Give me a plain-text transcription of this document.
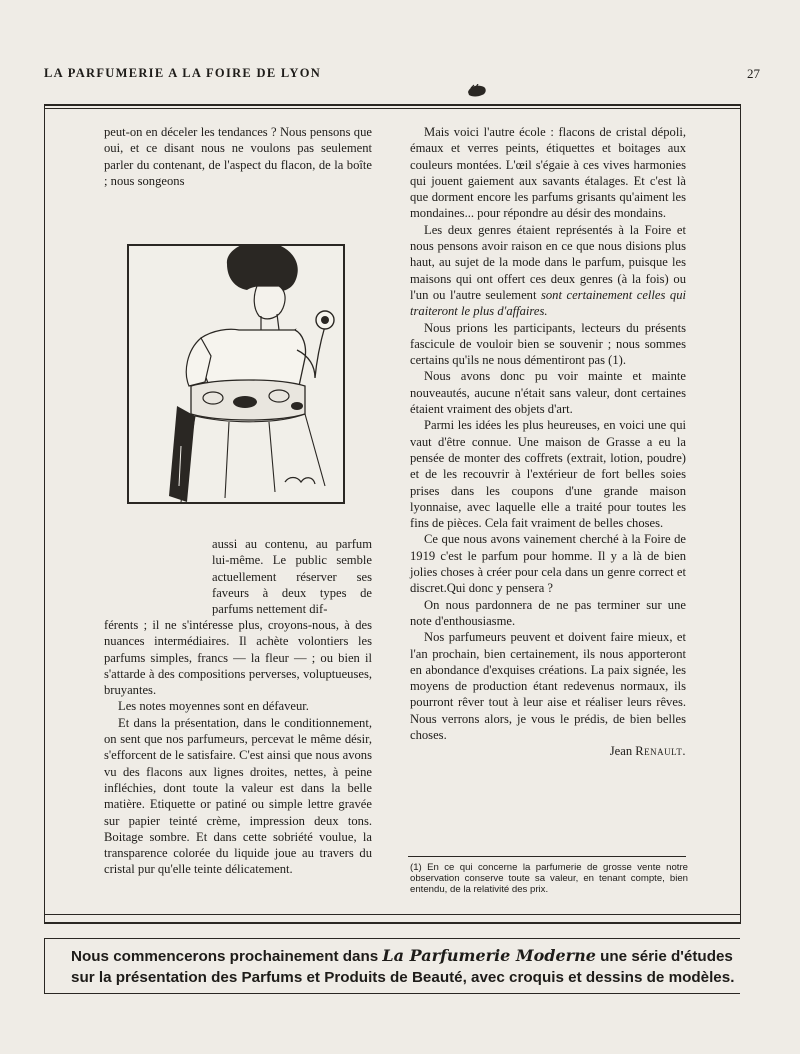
LA PARFUMERIE A LA FOIRE DE LYON	27

peut-on en déceler les tendances ? Nous pensons que oui, et ce disant nous ne voulons pas seulement parler du contenant, de l'aspect du flacon, de la boîte ; nous songeons

aussi au contenu, au parfum lui-même. Le public semble actuellement réserver ses faveurs à deux types de parfums nettement dif-

férents ; il ne s'intéresse plus, croyons-nous, à des nuances intermédiaires. Il achète volontiers les parfums simples, francs — la fleur — ; ou bien il s'attarde à des compositions perverses, voluptueuses, bruyantes.

Les notes moyennes sont en défaveur.

Et dans la présentation, dans le conditionnement, on sent que nos parfumeurs, percevat le même désir, s'efforcent de le satisfaire. C'est ainsi que nous avons vu des flacons aux lignes droites, nettes, à peine infléchies, dont toute la valeur est dans la belle matière. Etiquette or patiné ou simple lettre gravée sur papier teinté crème, impression deux tons. Boitage sombre. Et dans cette sobriété voulue, la transparence colorée du liquide joue au travers du cristal pur qu'elle teinte délicatement.

Mais voici l'autre école : flacons de cristal dépoli, émaux et verres peints, étiquettes et boitages aux couleurs montées. L'œil s'égaie à ces vives harmonies qui jouent gaiement aux savants étalages. Et c'est là que dorment encore les parfums grisants qu'aiment les mondaines... pour répondre au désir des mondains.

Les deux genres étaient représentés à la Foire et nous pensons avoir raison en ce que nous disions plus haut, au sujet de la mode dans le parfum, puisque les maisons qui ont offert ces deux genres (à la fois) ou l'un ou l'autre seulement sont certainement celles qui traiteront le plus d'affaires.

Nous prions les participants, lecteurs du présents fascicule de vouloir bien se souvenir ; nous sommes certains qu'ils ne nous démentiront pas (1).

Nous avons donc pu voir mainte et mainte nouveautés, aucune n'était sans valeur, dont certaines étaient vraiment des objets d'art.

Parmi les idées les plus heureuses, en voici une qui vaut d'être connue. Une maison de Grasse a eu la pensée de monter des coffrets (extrait, lotion, poudre) et de les recouvrir à l'extérieur de fort belles soies prises dans les coupons d'une grande maison lyonnaise, avec laquelle elle a traité pour toutes les fins de pièces. Cela fait vraiment de belles choses.

Ce que nous avons vainement cherché à la Foire de 1919 c'est le parfum pour homme. Il y a là de bien jolies choses à créer pour cela dans un genre correct et discret.Qui donc y pensera ?

On nous pardonnera de ne pas terminer sur une note d'enthousiasme.

Nos parfumeurs peuvent et doivent faire mieux, et l'an prochain, bien certainement, ils nous apporteront en abondance d'exquises créations. La paix signée, les moyens de production étant redevenus normaux, ils pourront rêver tout à leur aise et réaliser leurs rêves. Nous verrons alors, je vous le prédis, de bien belles choses.

Jean Renault.

(1) En ce qui concerne la parfumerie de grosse vente notre observation conserve toute sa valeur, en tenant compte, bien entendu, de la relativité des prix.
Nous commencerons prochainement dans La Parfumerie Moderne une série d'études
sur la présentation des Parfums et Produits de Beauté, avec croquis et dessins de modèles.
